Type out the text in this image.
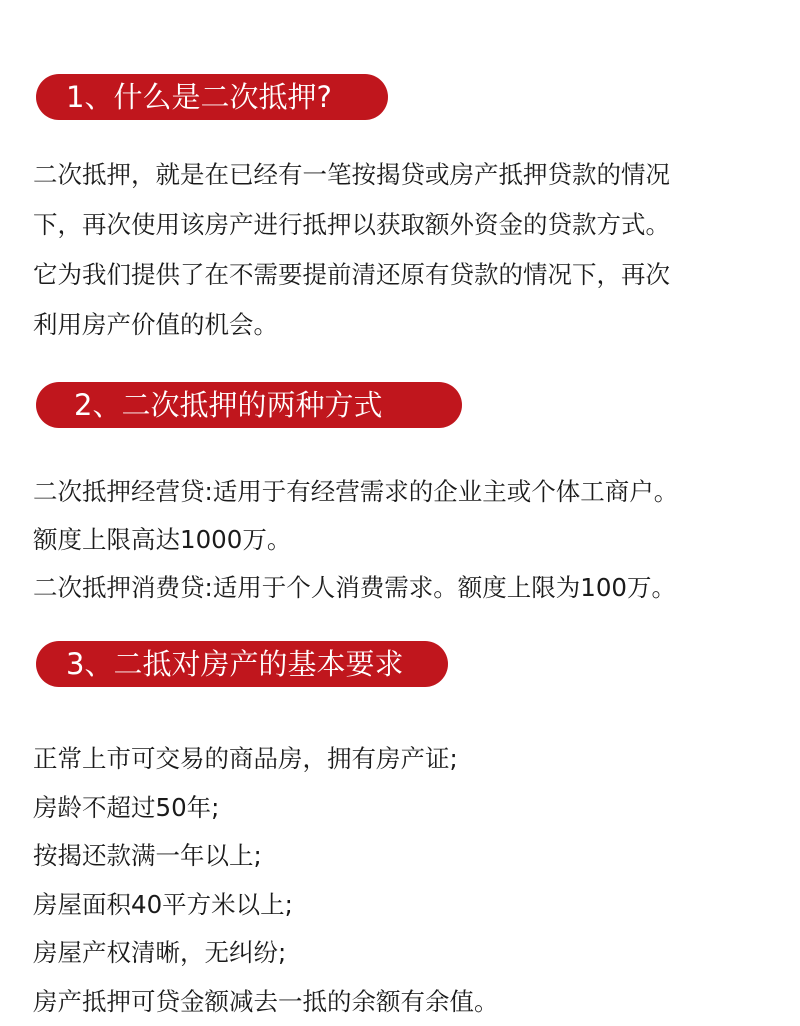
1、什么是二次抵押?
二次抵押，就是在已经有一笔按揭贷或房产抵押贷款的情况
下，再次使用该房产进行抵押以获取额外资金的贷款方式。
它为我们提供了在不需要提前清还原有贷款的情况下，再次
利用房产价值的机会。
2、二次抵押的两种方式
二次抵押经营贷:适用于有经营需求的企业主或个体工商户。
额度上限高达1000万。
二次抵押消费贷:适用于个人消费需求。额度上限为100万。
3、二抵对房产的基本要求
正常上市可交易的商品房，拥有房产证;
房龄不超过50年;
按揭还款满一年以上;
房屋面积40平方米以上;
房屋产权清晰，无纠纷;
房产抵押可贷金额减去一抵的余额有余值。
